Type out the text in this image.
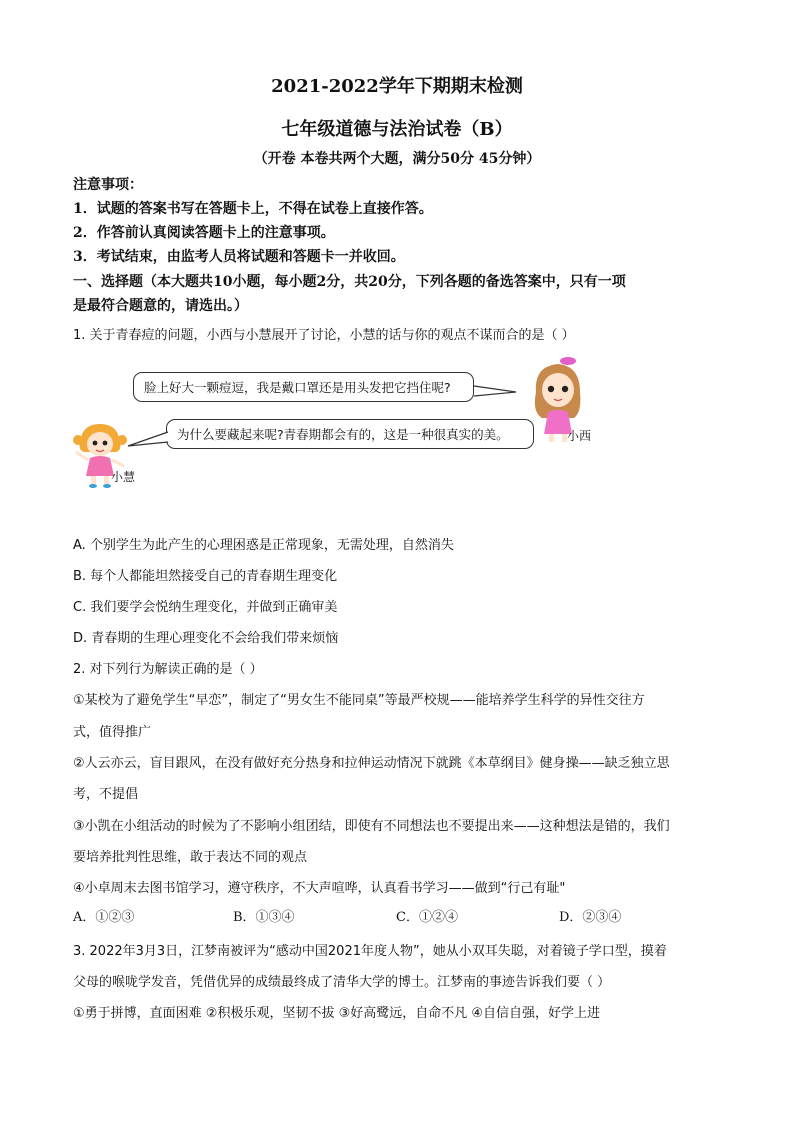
2021-2022学年下期期末检测
七年级道德与法治试卷（B）
（开卷 本卷共两个大题，满分50分 45分钟）
注意事项：
1．试题的答案书写在答题卡上，不得在试卷上直接作答。
2．作答前认真阅读答题卡上的注意事项。
3．考试结束，由监考人员将试题和答题卡一并收回。
一、选择题（本大题共10小题，每小题2分，共20分，下列各题的备选答案中，只有一项
是最符合题意的，请选出。）
1. 关于青春痘的问题，小西与小慧展开了讨论，小慧的话与你的观点不谋而合的是（ ）
脸上好大一颗痘逗，我是戴口罩还是用头发把它挡住呢?
为什么要藏起来呢?青春期都会有的，这是一种很真实的美。	小西
小慧
A. 个别学生为此产生的心理困惑是正常现象，无需处理，自然消失
B. 每个人都能坦然接受自己的青春期生理变化
C. 我们要学会悦纳生理变化，并做到正确审美
D. 青春期的生理心理变化不会给我们带来烦恼
2. 对下列行为解读正确的是（ ）
①某校为了避免学生“早恋”，制定了“男女生不能同桌”等最严校规——能培养学生科学的异性交往方
式，值得推广
②人云亦云，盲目跟风，在没有做好充分热身和拉伸运动情况下就跳《本草纲目》健身操——缺乏独立思
考，不提倡
③小凯在小组活动的时候为了不影响小组团结，即使有不同想法也不要提出来——这种想法是错的，我们
要培养批判性思维，敢于表达不同的观点
④小卓周末去图书馆学习，遵守秩序，不大声喧哗，认真看书学习——做到“行己有耻"
A．①②③	B．①③④	C．①②④	D．②③④
3. 2022年3月3日，江梦南被评为“感动中国2021年度人物”，她从小双耳失聪，对着镜子学口型，摸着
父母的喉咙学发音，凭借优异的成绩最终成了清华大学的博士。江梦南的事迹告诉我们要（ ）
①勇于拼博，直面困难 ②积极乐观，坚韧不拔 ③好高鹭远，自命不凡 ④自信自强，好学上进
